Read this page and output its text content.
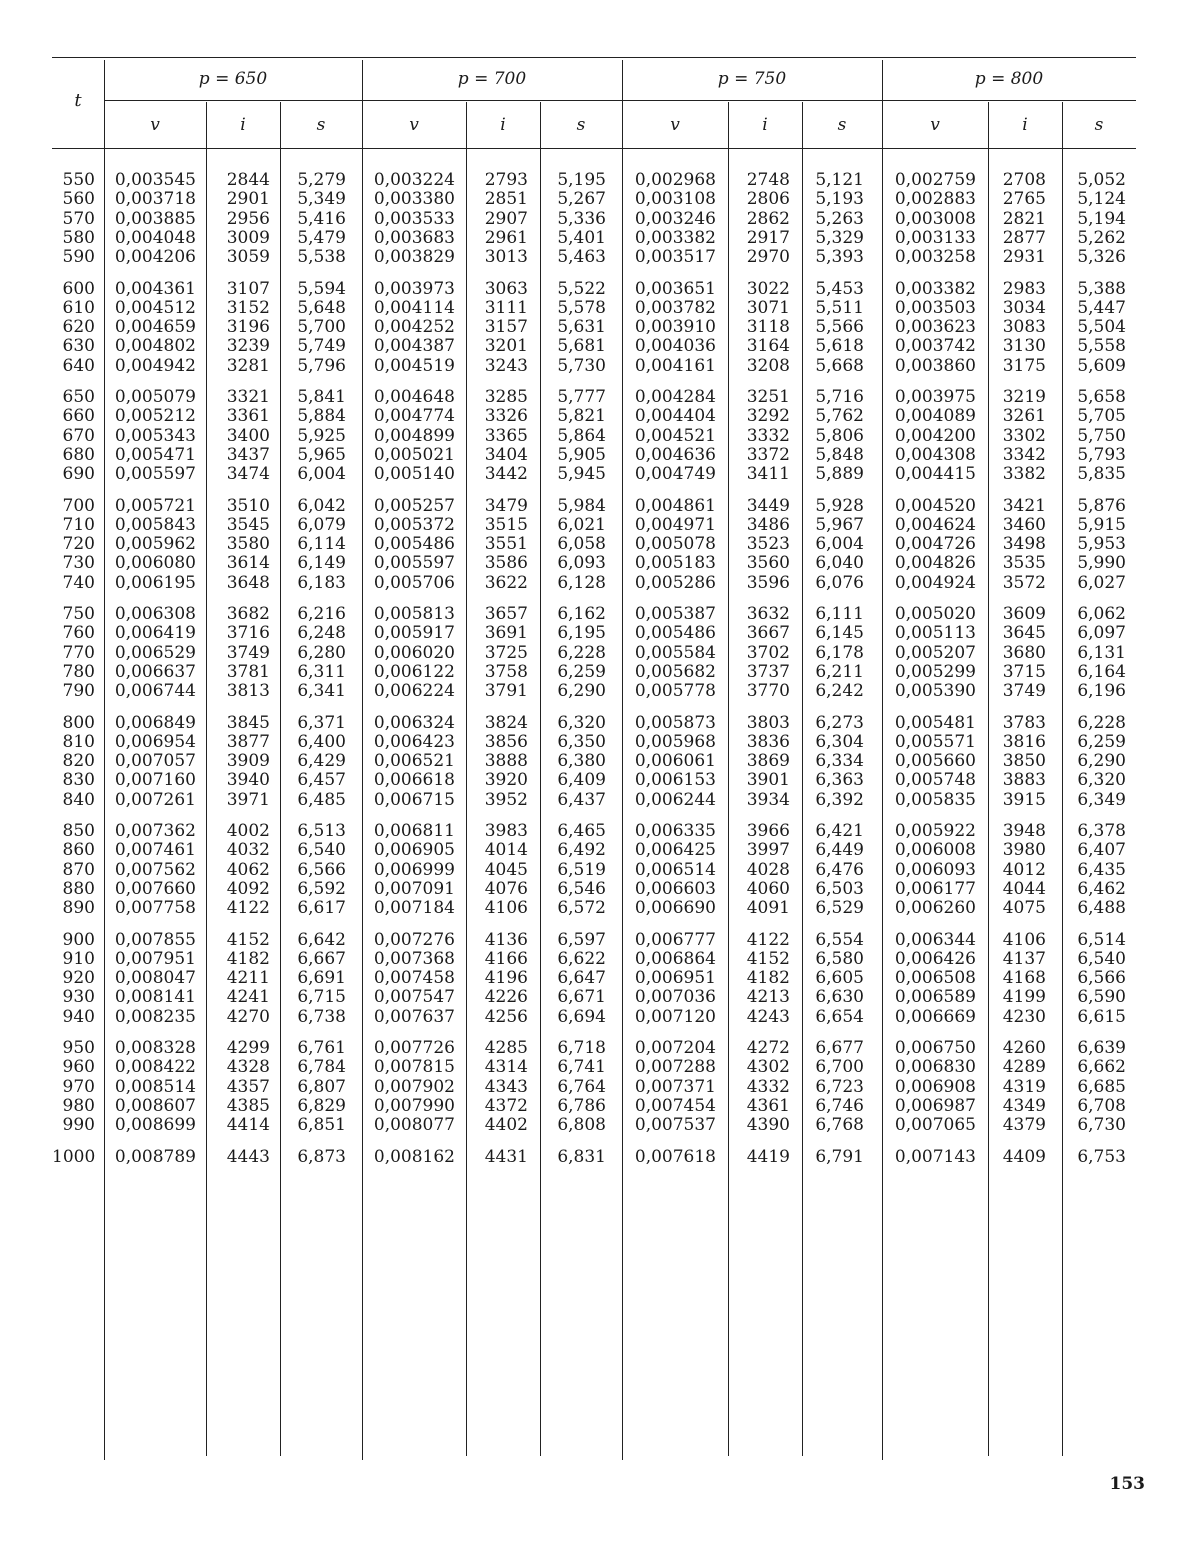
t
p = 650
v	i	s
p = 700
v	i	s
p = 750
v	i	s
p = 800
v	i	s
550	0,003545	2844	5,279	0,003224	2793	5,195	0,002968	2748	5,121	0,002759	2708	5,052
560	0,003718	2901	5,349	0,003380	2851	5,267	0,003108	2806	5,193	0,002883	2765	5,124
570	0,003885	2956	5,416	0,003533	2907	5,336	0,003246	2862	5,263	0,003008	2821	5,194
580	0,004048	3009	5,479	0,003683	2961	5,401	0,003382	2917	5,329	0,003133	2877	5,262
590	0,004206	3059	5,538	0,003829	3013	5,463	0,003517	2970	5,393	0,003258	2931	5,326
600	0,004361	3107	5,594	0,003973	3063	5,522	0,003651	3022	5,453	0,003382	2983	5,388
610	0,004512	3152	5,648	0,004114	3111	5,578	0,003782	3071	5,511	0,003503	3034	5,447
620	0,004659	3196	5,700	0,004252	3157	5,631	0,003910	3118	5,566	0,003623	3083	5,504
630	0,004802	3239	5,749	0,004387	3201	5,681	0,004036	3164	5,618	0,003742	3130	5,558
640	0,004942	3281	5,796	0,004519	3243	5,730	0,004161	3208	5,668	0,003860	3175	5,609
650	0,005079	3321	5,841	0,004648	3285	5,777	0,004284	3251	5,716	0,003975	3219	5,658
660	0,005212	3361	5,884	0,004774	3326	5,821	0,004404	3292	5,762	0,004089	3261	5,705
670	0,005343	3400	5,925	0,004899	3365	5,864	0,004521	3332	5,806	0,004200	3302	5,750
680	0,005471	3437	5,965	0,005021	3404	5,905	0,004636	3372	5,848	0,004308	3342	5,793
690	0,005597	3474	6,004	0,005140	3442	5,945	0,004749	3411	5,889	0,004415	3382	5,835
700	0,005721	3510	6,042	0,005257	3479	5,984	0,004861	3449	5,928	0,004520	3421	5,876
710	0,005843	3545	6,079	0,005372	3515	6,021	0,004971	3486	5,967	0,004624	3460	5,915
720	0,005962	3580	6,114	0,005486	3551	6,058	0,005078	3523	6,004	0,004726	3498	5,953
730	0,006080	3614	6,149	0,005597	3586	6,093	0,005183	3560	6,040	0,004826	3535	5,990
740	0,006195	3648	6,183	0,005706	3622	6,128	0,005286	3596	6,076	0,004924	3572	6,027
750	0,006308	3682	6,216	0,005813	3657	6,162	0,005387	3632	6,111	0,005020	3609	6,062
760	0,006419	3716	6,248	0,005917	3691	6,195	0,005486	3667	6,145	0,005113	3645	6,097
770	0,006529	3749	6,280	0,006020	3725	6,228	0,005584	3702	6,178	0,005207	3680	6,131
780	0,006637	3781	6,311	0,006122	3758	6,259	0,005682	3737	6,211	0,005299	3715	6,164
790	0,006744	3813	6,341	0,006224	3791	6,290	0,005778	3770	6,242	0,005390	3749	6,196
800	0,006849	3845	6,371	0,006324	3824	6,320	0,005873	3803	6,273	0,005481	3783	6,228
810	0,006954	3877	6,400	0,006423	3856	6,350	0,005968	3836	6,304	0,005571	3816	6,259
820	0,007057	3909	6,429	0,006521	3888	6,380	0,006061	3869	6,334	0,005660	3850	6,290
830	0,007160	3940	6,457	0,006618	3920	6,409	0,006153	3901	6,363	0,005748	3883	6,320
840	0,007261	3971	6,485	0,006715	3952	6,437	0,006244	3934	6,392	0,005835	3915	6,349
850	0,007362	4002	6,513	0,006811	3983	6,465	0,006335	3966	6,421	0,005922	3948	6,378
860	0,007461	4032	6,540	0,006905	4014	6,492	0,006425	3997	6,449	0,006008	3980	6,407
870	0,007562	4062	6,566	0,006999	4045	6,519	0,006514	4028	6,476	0,006093	4012	6,435
880	0,007660	4092	6,592	0,007091	4076	6,546	0,006603	4060	6,503	0,006177	4044	6,462
890	0,007758	4122	6,617	0,007184	4106	6,572	0,006690	4091	6,529	0,006260	4075	6,488
900	0,007855	4152	6,642	0,007276	4136	6,597	0,006777	4122	6,554	0,006344	4106	6,514
910	0,007951	4182	6,667	0,007368	4166	6,622	0,006864	4152	6,580	0,006426	4137	6,540
920	0,008047	4211	6,691	0,007458	4196	6,647	0,006951	4182	6,605	0,006508	4168	6,566
930	0,008141	4241	6,715	0,007547	4226	6,671	0,007036	4213	6,630	0,006589	4199	6,590
940	0,008235	4270	6,738	0,007637	4256	6,694	0,007120	4243	6,654	0,006669	4230	6,615
950	0,008328	4299	6,761	0,007726	4285	6,718	0,007204	4272	6,677	0,006750	4260	6,639
960	0,008422	4328	6,784	0,007815	4314	6,741	0,007288	4302	6,700	0,006830	4289	6,662
970	0,008514	4357	6,807	0,007902	4343	6,764	0,007371	4332	6,723	0,006908	4319	6,685
980	0,008607	4385	6,829	0,007990	4372	6,786	0,007454	4361	6,746	0,006987	4349	6,708
990	0,008699	4414	6,851	0,008077	4402	6,808	0,007537	4390	6,768	0,007065	4379	6,730
1000	0,008789	4443	6,873	0,008162	4431	6,831	0,007618	4419	6,791	0,007143	4409	6,753
153
